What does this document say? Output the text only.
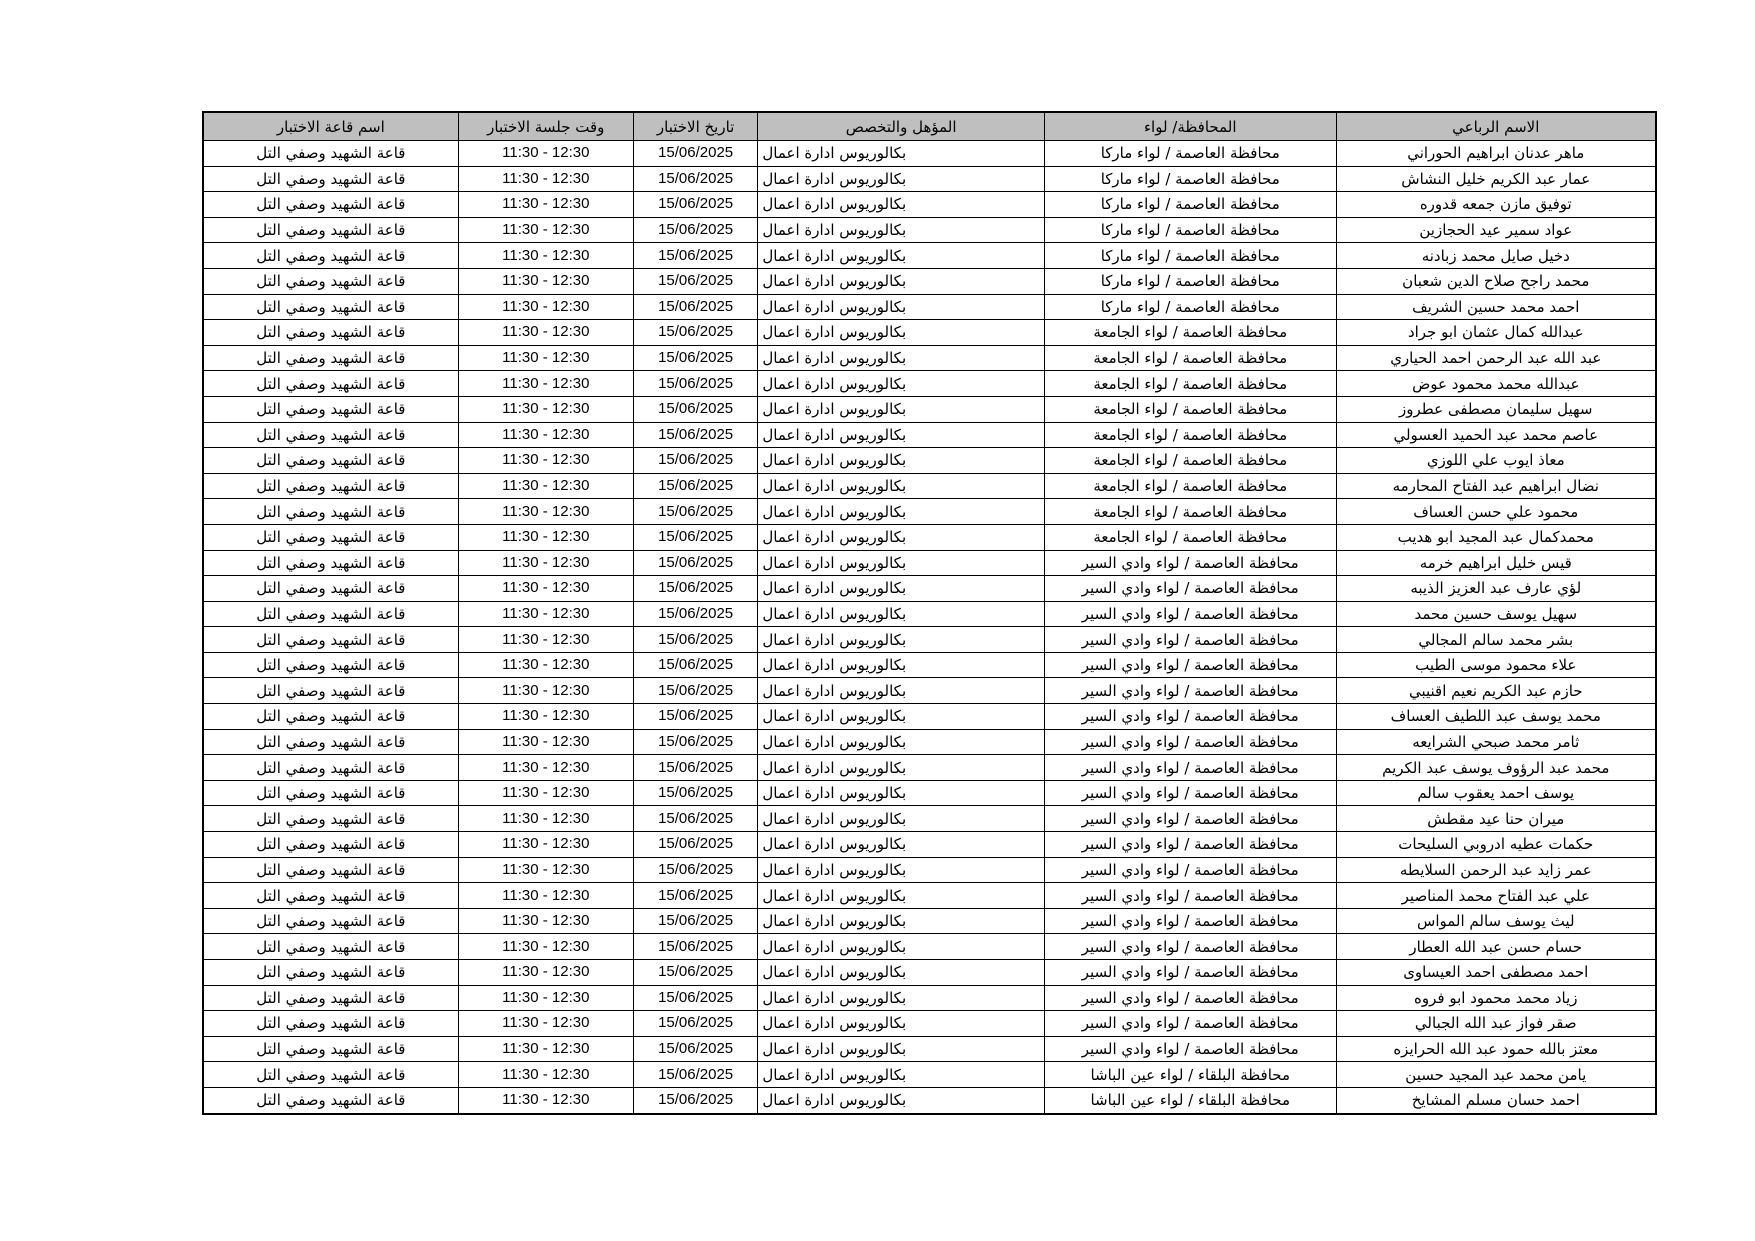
الاسم الرباعي	المحافظة/ لواء	المؤهل والتخصص	تاريخ الاختبار	وقت جلسة الاختبار	اسم قاعة الاختبار
ماهر عدنان ابراهيم الحوراني	محافظة العاصمة / لواء ماركا	بكالوريوس ادارة اعمال	15/06/2025	11:30 - 12:30	قاعة الشهيد وصفي التل
عمار عبد الكريم خليل النشاش	محافظة العاصمة / لواء ماركا	بكالوريوس ادارة اعمال	15/06/2025	11:30 - 12:30	قاعة الشهيد وصفي التل
توفيق مازن جمعه قدوره	محافظة العاصمة / لواء ماركا	بكالوريوس ادارة اعمال	15/06/2025	11:30 - 12:30	قاعة الشهيد وصفي التل
عواد سمير عيد الحجازين	محافظة العاصمة / لواء ماركا	بكالوريوس ادارة اعمال	15/06/2025	11:30 - 12:30	قاعة الشهيد وصفي التل
دخيل صايل محمد زبادنه	محافظة العاصمة / لواء ماركا	بكالوريوس ادارة اعمال	15/06/2025	11:30 - 12:30	قاعة الشهيد وصفي التل
محمد راجح صلاح الدين شعبان	محافظة العاصمة / لواء ماركا	بكالوريوس ادارة اعمال	15/06/2025	11:30 - 12:30	قاعة الشهيد وصفي التل
احمد محمد حسين الشريف	محافظة العاصمة / لواء ماركا	بكالوريوس ادارة اعمال	15/06/2025	11:30 - 12:30	قاعة الشهيد وصفي التل
عبدالله كمال عثمان ابو جراد	محافظة العاصمة / لواء الجامعة	بكالوريوس ادارة اعمال	15/06/2025	11:30 - 12:30	قاعة الشهيد وصفي التل
عبد الله عبد الرحمن احمد الحياري	محافظة العاصمة / لواء الجامعة	بكالوريوس ادارة اعمال	15/06/2025	11:30 - 12:30	قاعة الشهيد وصفي التل
عبدالله محمد محمود عوض	محافظة العاصمة / لواء الجامعة	بكالوريوس ادارة اعمال	15/06/2025	11:30 - 12:30	قاعة الشهيد وصفي التل
سهيل سليمان مصطفى عطروز	محافظة العاصمة / لواء الجامعة	بكالوريوس ادارة اعمال	15/06/2025	11:30 - 12:30	قاعة الشهيد وصفي التل
عاصم محمد عبد الحميد العسولي	محافظة العاصمة / لواء الجامعة	بكالوريوس ادارة اعمال	15/06/2025	11:30 - 12:30	قاعة الشهيد وصفي التل
معاذ ايوب علي اللوزي	محافظة العاصمة / لواء الجامعة	بكالوريوس ادارة اعمال	15/06/2025	11:30 - 12:30	قاعة الشهيد وصفي التل
نضال ابراهيم عبد الفتاح المحارمه	محافظة العاصمة / لواء الجامعة	بكالوريوس ادارة اعمال	15/06/2025	11:30 - 12:30	قاعة الشهيد وصفي التل
محمود علي حسن العساف	محافظة العاصمة / لواء الجامعة	بكالوريوس ادارة اعمال	15/06/2025	11:30 - 12:30	قاعة الشهيد وصفي التل
محمدكمال عبد المجيد ابو هديب	محافظة العاصمة / لواء الجامعة	بكالوريوس ادارة اعمال	15/06/2025	11:30 - 12:30	قاعة الشهيد وصفي التل
قيس خليل ابراهيم خرمه	محافظة العاصمة / لواء وادي السير	بكالوريوس ادارة اعمال	15/06/2025	11:30 - 12:30	قاعة الشهيد وصفي التل
لؤي عارف عبد العزيز الذيبه	محافظة العاصمة / لواء وادي السير	بكالوريوس ادارة اعمال	15/06/2025	11:30 - 12:30	قاعة الشهيد وصفي التل
سهيل يوسف حسين محمد	محافظة العاصمة / لواء وادي السير	بكالوريوس ادارة اعمال	15/06/2025	11:30 - 12:30	قاعة الشهيد وصفي التل
بشر محمد سالم المجالي	محافظة العاصمة / لواء وادي السير	بكالوريوس ادارة اعمال	15/06/2025	11:30 - 12:30	قاعة الشهيد وصفي التل
علاء محمود موسى الطيب	محافظة العاصمة / لواء وادي السير	بكالوريوس ادارة اعمال	15/06/2025	11:30 - 12:30	قاعة الشهيد وصفي التل
حازم عبد الكريم نعيم اقنيبي	محافظة العاصمة / لواء وادي السير	بكالوريوس ادارة اعمال	15/06/2025	11:30 - 12:30	قاعة الشهيد وصفي التل
محمد يوسف عبد اللطيف العساف	محافظة العاصمة / لواء وادي السير	بكالوريوس ادارة اعمال	15/06/2025	11:30 - 12:30	قاعة الشهيد وصفي التل
ثامر محمد صبحي الشرايعه	محافظة العاصمة / لواء وادي السير	بكالوريوس ادارة اعمال	15/06/2025	11:30 - 12:30	قاعة الشهيد وصفي التل
محمد عبد الرؤوف يوسف عبد الكريم	محافظة العاصمة / لواء وادي السير	بكالوريوس ادارة اعمال	15/06/2025	11:30 - 12:30	قاعة الشهيد وصفي التل
يوسف احمد يعقوب سالم	محافظة العاصمة / لواء وادي السير	بكالوريوس ادارة اعمال	15/06/2025	11:30 - 12:30	قاعة الشهيد وصفي التل
ميران حنا عيد مقطش	محافظة العاصمة / لواء وادي السير	بكالوريوس ادارة اعمال	15/06/2025	11:30 - 12:30	قاعة الشهيد وصفي التل
حكمات عطيه ادروبي السليحات	محافظة العاصمة / لواء وادي السير	بكالوريوس ادارة اعمال	15/06/2025	11:30 - 12:30	قاعة الشهيد وصفي التل
عمر زايد عبد الرحمن السلايطه	محافظة العاصمة / لواء وادي السير	بكالوريوس ادارة اعمال	15/06/2025	11:30 - 12:30	قاعة الشهيد وصفي التل
علي عبد الفتاح محمد المناصير	محافظة العاصمة / لواء وادي السير	بكالوريوس ادارة اعمال	15/06/2025	11:30 - 12:30	قاعة الشهيد وصفي التل
ليث يوسف سالم المواس	محافظة العاصمة / لواء وادي السير	بكالوريوس ادارة اعمال	15/06/2025	11:30 - 12:30	قاعة الشهيد وصفي التل
حسام حسن عبد الله العطار	محافظة العاصمة / لواء وادي السير	بكالوريوس ادارة اعمال	15/06/2025	11:30 - 12:30	قاعة الشهيد وصفي التل
احمد مصطفى احمد العيساوى	محافظة العاصمة / لواء وادي السير	بكالوريوس ادارة اعمال	15/06/2025	11:30 - 12:30	قاعة الشهيد وصفي التل
زياد محمد محمود ابو فروه	محافظة العاصمة / لواء وادي السير	بكالوريوس ادارة اعمال	15/06/2025	11:30 - 12:30	قاعة الشهيد وصفي التل
صقر فواز عبد الله الجبالي	محافظة العاصمة / لواء وادي السير	بكالوريوس ادارة اعمال	15/06/2025	11:30 - 12:30	قاعة الشهيد وصفي التل
معتز بالله حمود عبد الله الحرايزه	محافظة العاصمة / لواء وادي السير	بكالوريوس ادارة اعمال	15/06/2025	11:30 - 12:30	قاعة الشهيد وصفي التل
يامن محمد عبد المجيد حسين	محافظة البلقاء / لواء عين الباشا	بكالوريوس ادارة اعمال	15/06/2025	11:30 - 12:30	قاعة الشهيد وصفي التل
احمد حسان مسلم المشايخ	محافظة البلقاء / لواء عين الباشا	بكالوريوس ادارة اعمال	15/06/2025	11:30 - 12:30	قاعة الشهيد وصفي التل
